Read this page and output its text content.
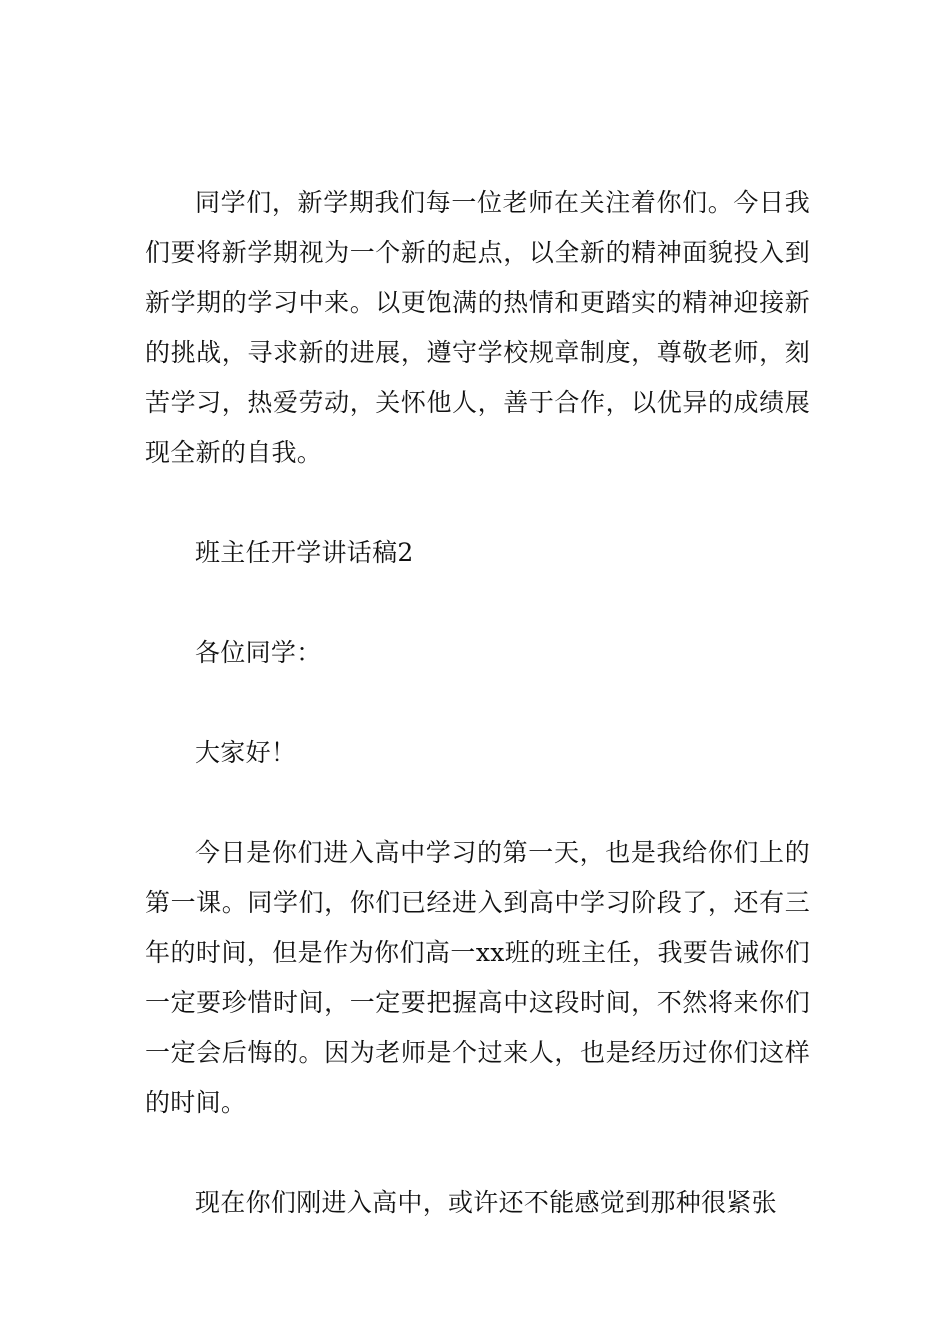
同学们，新学期我们每一位老师在关注着你们。今日我们要将新学期视为一个新的起点，以全新的精神面貌投入到新学期的学习中来。以更饱满的热情和更踏实的精神迎接新的挑战，寻求新的进展，遵守学校规章制度，尊敬老师，刻苦学习，热爱劳动，关怀他人，善于合作，以优异的成绩展现全新的自我。

班主任开学讲话稿2

各位同学：

大家好！

今日是你们进入高中学习的第一天，也是我给你们上的第一课。同学们，你们已经进入到高中学习阶段了，还有三年的时间，但是作为你们高一xx班的班主任，我要告诫你们一定要珍惜时间，一定要把握高中这段时间，不然将来你们一定会后悔的。因为老师是个过来人，也是经历过你们这样的时间。

现在你们刚进入高中，或许还不能感觉到那种很紧张
